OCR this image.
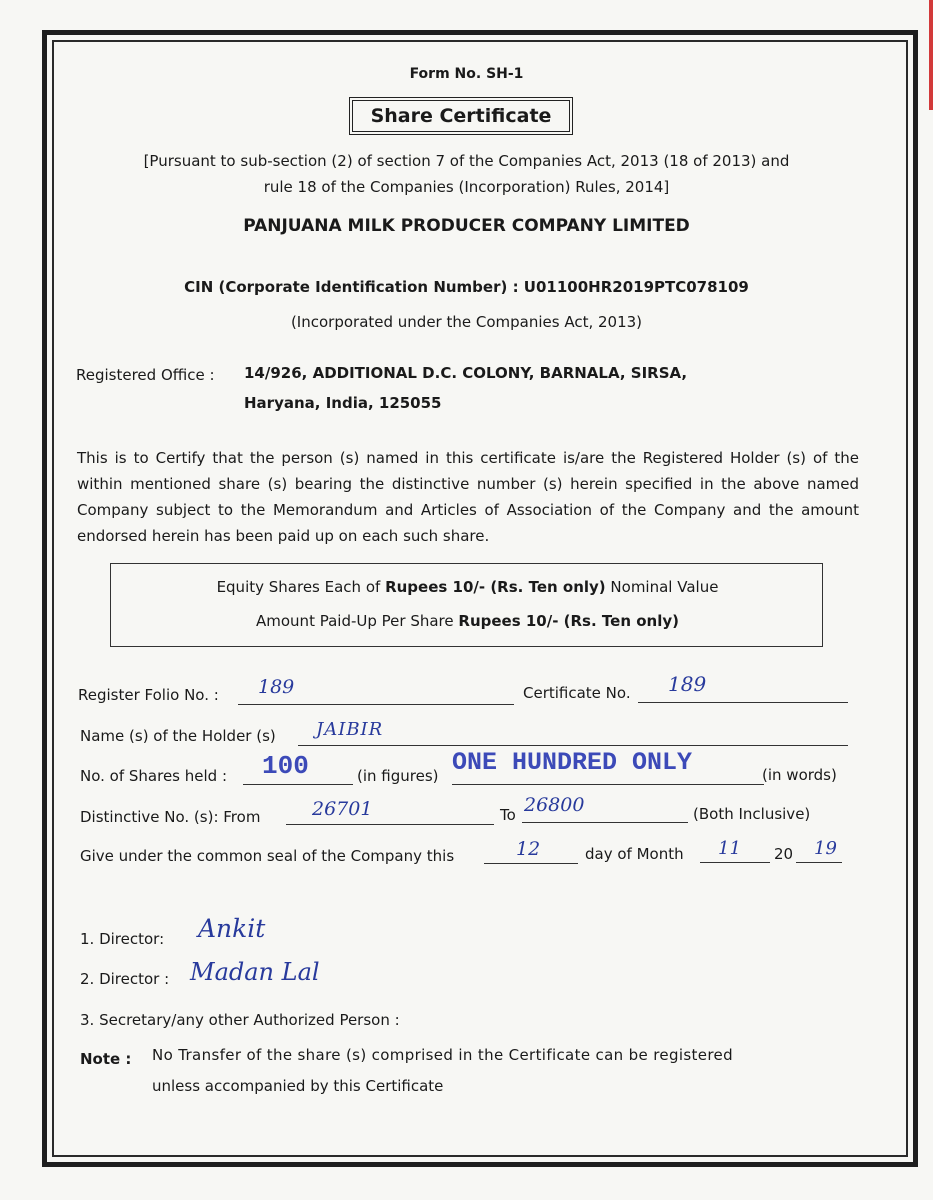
Form No. SH-1
Share Certificate
[Pursuant to sub-section (2) of section 7 of the Companies Act, 2013 (18 of 2013) and
rule 18 of the Companies (Incorporation) Rules, 2014]
PANJUANA MILK PRODUCER COMPANY LIMITED
CIN (Corporate Identification Number) : U01100HR2019PTC078109
(Incorporated under the Companies Act, 2013)
Registered Office : 14/926, ADDITIONAL D.C. COLONY, BARNALA, SIRSA,
Haryana, India, 125055
This is to Certify that the person (s) named in this certificate is/are the Registered Holder (s) of the within mentioned share (s) bearing the distinctive number (s) herein specified in the above named Company subject to the Memorandum and Articles of Association of the Company and the amount endorsed herein has been paid up on each such share.
Equity Shares Each of Rupees 10/- (Rs. Ten only) Nominal Value
Amount Paid-Up Per Share Rupees 10/- (Rs. Ten only)
Register Folio No. : 189	Certificate No. 189
Name (s) of the Holder (s) JAIBIR
No. of Shares held : 100	(in figures) ONE HUNDRED ONLY	(in words)
Distinctive No. (s): From	26701	To 26800	(Both Inclusive)
Give under the common seal of the Company this	12	day of Month 11 20 19
1. Director: Ankit
2. Director : Madan Lal
3. Secretary/any other Authorized Person :
Note : No Transfer of the share (s) comprised in the Certificate can be registered
unless accompanied by this Certificate
